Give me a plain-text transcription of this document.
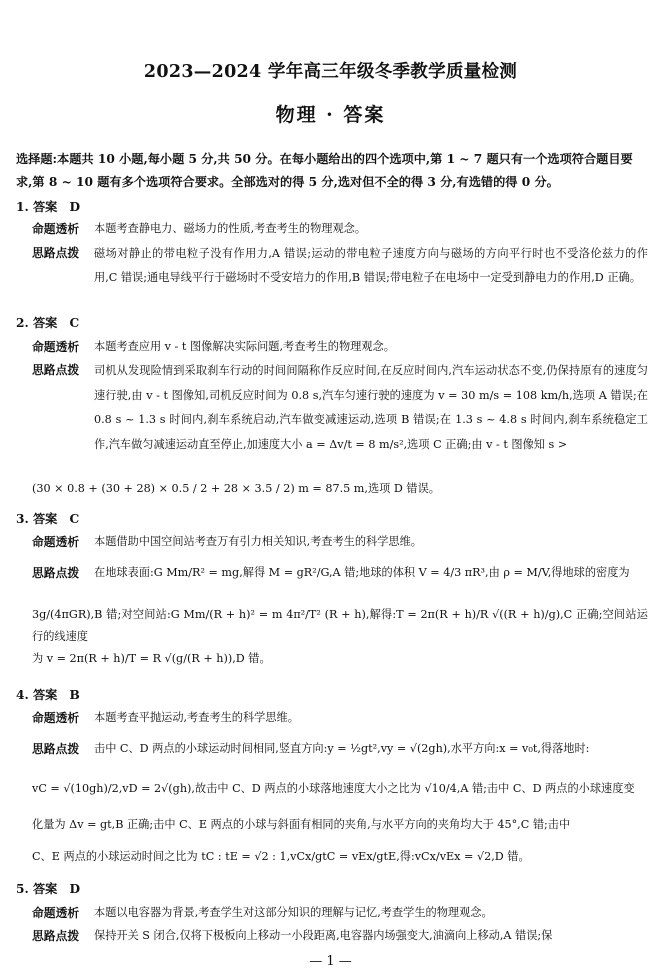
2023—2024 学年高三年级冬季教学质量检测
物理 · 答案
选择题:本题共 10 小题,每小题 5 分,共 50 分。在每小题给出的四个选项中,第 1 ~ 7 题只有一个选项符合题目要求,第 8 ~ 10 题有多个选项符合要求。全部选对的得 5 分,选对但不全的得 3 分,有选错的得 0 分。
1. 答案　D
命题透析	本题考查静电力、磁场力的性质,考查考生的物理观念。
思路点拨	磁场对静止的带电粒子没有作用力,A 错误;运动的带电粒子速度方向与磁场的方向平行时也不受洛伦兹力的作用,C 错误;通电导线平行于磁场时不受安培力的作用,B 错误;带电粒子在电场中一定受到静电力的作用,D 正确。
2. 答案　C
命题透析	本题考查应用 v - t 图像解决实际问题,考查考生的物理观念。
思路点拨	司机从发现险情到采取刹车行动的时间间隔称作反应时间,在反应时间内,汽车运动状态不变,仍保持原有的速度匀速行驶,由 v - t 图像知,司机反应时间为 0.8 s,汽车匀速行驶的速度为 v = 30 m/s = 108 km/h,选项 A 错误;在 0.8 s ~ 1.3 s 时间内,刹车系统启动,汽车做变减速运动,选项 B 错误;在 1.3 s ~ 4.8 s 时间内,刹车系统稳定工作,汽车做匀减速运动直至停止,加速度大小 a = Δv/t = 8 m/s²,选项 C 正确;由 v - t 图像知 s >
(30 × 0.8 + (30 + 28) × 0.5 / 2 + 28 × 3.5 / 2) m = 87.5 m,选项 D 错误。
3. 答案　C
命题透析	本题借助中国空间站考查万有引力相关知识,考查考生的科学思维。
思路点拨	在地球表面:G Mm/R² = mg,解得 M = gR²/G,A 错;地球的体积 V = 4/3 πR³,由 ρ = M/V,得地球的密度为
3g/(4πGR),B 错;对空间站:G Mm/(R + h)² = m 4π²/T² (R + h),解得:T = 2π(R + h)/R √((R + h)/g),C 正确;空间站运行的线速度
为 v = 2π(R + h)/T = R √(g/(R + h)),D 错。
4. 答案　B
命题透析	本题考查平抛运动,考查考生的科学思维。
思路点拨	击中 C、D 两点的小球运动时间相同,竖直方向:y = ½gt²,vy = √(2gh),水平方向:x = v₀t,得落地时:
vC = √(10gh)/2,vD = 2√(gh),故击中 C、D 两点的小球落地速度大小之比为 √10/4,A 错;击中 C、D 两点的小球速度变
化量为 Δv = gt,B 正确;击中 C、E 两点的小球与斜面有相同的夹角,与水平方向的夹角均大于 45°,C 错;击中
C、E 两点的小球运动时间之比为 tC : tE = √2 : 1,vCx/gtC = vEx/gtE,得:vCx/vEx = √2,D 错。
5. 答案　D
命题透析	本题以电容器为背景,考查学生对这部分知识的理解与记忆,考查学生的物理观念。
思路点拨	保持开关 S 闭合,仅将下极板向上移动一小段距离,电容器内场强变大,油滴向上移动,A 错误;保
— 1 —
